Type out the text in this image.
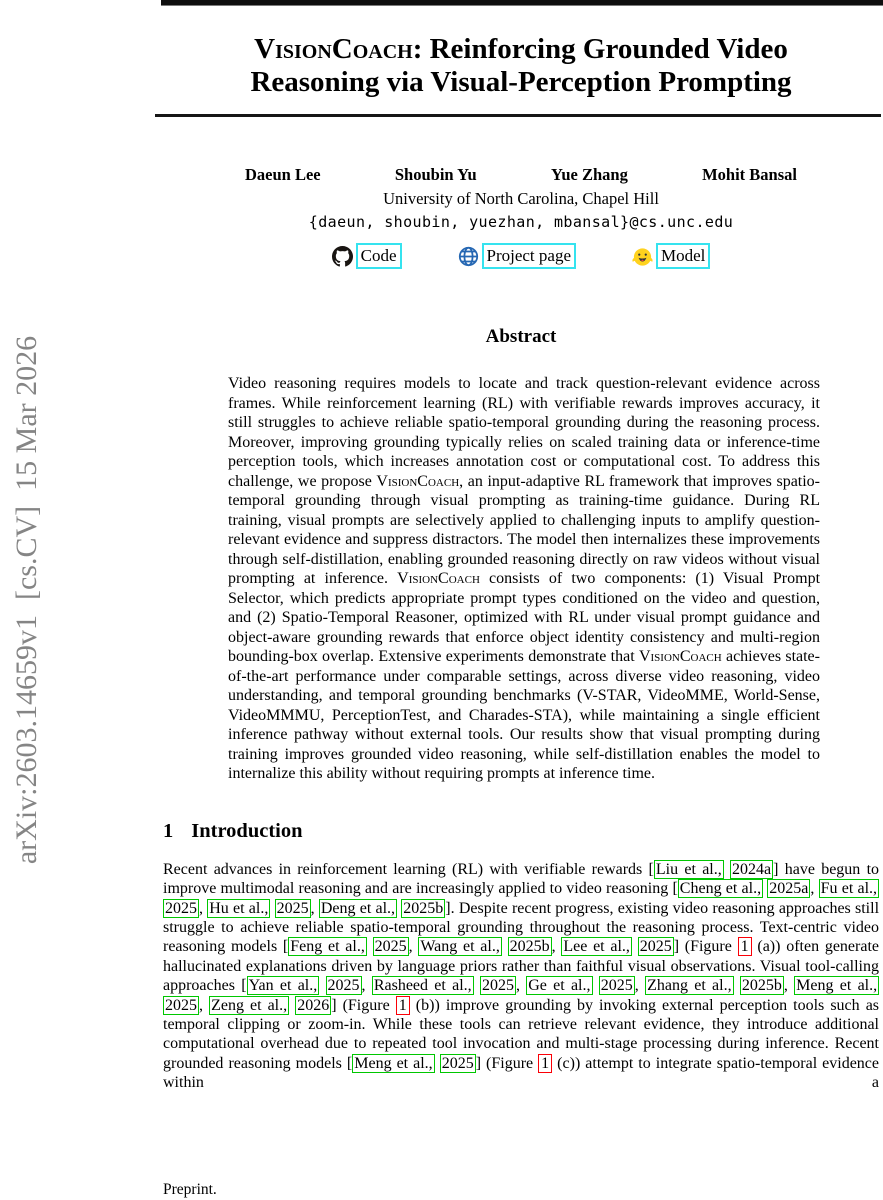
arXiv:2603.14659v1  [cs.CV]  15 Mar 2026
VisionCoach: Reinforcing Grounded Video Reasoning via Visual-Perception Prompting
Daeun Lee	Shoubin Yu	Yue Zhang	Mohit Bansal
University of North Carolina, Chapel Hill
{daeun, shoubin, yuezhan, mbansal}@cs.unc.edu
Code	Project page	Model
Abstract
Video reasoning requires models to locate and track question-relevant evidence across frames. While reinforcement learning (RL) with verifiable rewards improves accuracy, it still struggles to achieve reliable spatio-temporal grounding during the reasoning process. Moreover, improving grounding typically relies on scaled training data or inference-time perception tools, which increases annotation cost or computational cost. To address this challenge, we propose VisionCoach, an input-adaptive RL framework that improves spatio-temporal grounding through visual prompting as training-time guidance. During RL training, visual prompts are selectively applied to challenging inputs to amplify question-relevant evidence and suppress distractors. The model then internalizes these improvements through self-distillation, enabling grounded reasoning directly on raw videos without visual prompting at inference. VisionCoach consists of two components: (1) Visual Prompt Selector, which predicts appropriate prompt types conditioned on the video and question, and (2) Spatio-Temporal Reasoner, optimized with RL under visual prompt guidance and object-aware grounding rewards that enforce object identity consistency and multi-region bounding-box overlap. Extensive experiments demonstrate that VisionCoach achieves state-of-the-art performance under comparable settings, across diverse video reasoning, video understanding, and temporal grounding benchmarks (V-STAR, VideoMME, World-Sense, VideoMMMU, PerceptionTest, and Charades-STA), while maintaining a single efficient inference pathway without external tools. Our results show that visual prompting during training improves grounded video reasoning, while self-distillation enables the model to internalize this ability without requiring prompts at inference time.
1 Introduction
Recent advances in reinforcement learning (RL) with verifiable rewards [ Liu et al., 2024a ] have begun to improve multimodal reasoning and are increasingly applied to video reasoning [ Cheng et al., 2025a , Fu et al., 2025 , Hu et al., 2025 , Deng et al., 2025b ]. Despite recent progress, existing video reasoning approaches still struggle to achieve reliable spatio-temporal grounding throughout the reasoning process. Text-centric video reasoning models [ Feng et al., 2025 , Wang et al., 2025b , Lee et al., 2025 ] (Figure 1 (a)) often generate hallucinated explanations driven by language priors rather than faithful visual observations. Visual tool-calling approaches [ Yan et al., 2025 , Rasheed et al., 2025 , Ge et al., 2025 , Zhang et al., 2025b , Meng et al., 2025 , Zeng et al., 2026 ] (Figure 1 (b)) improve grounding by invoking external perception tools such as temporal clipping or zoom-in. While these tools can retrieve relevant evidence, they introduce additional computational overhead due to repeated tool invocation and multi-stage processing during inference. Recent grounded reasoning models [ Meng et al., 2025 ] (Figure 1 (c)) attempt to integrate spatio-temporal evidence within a
Preprint.
